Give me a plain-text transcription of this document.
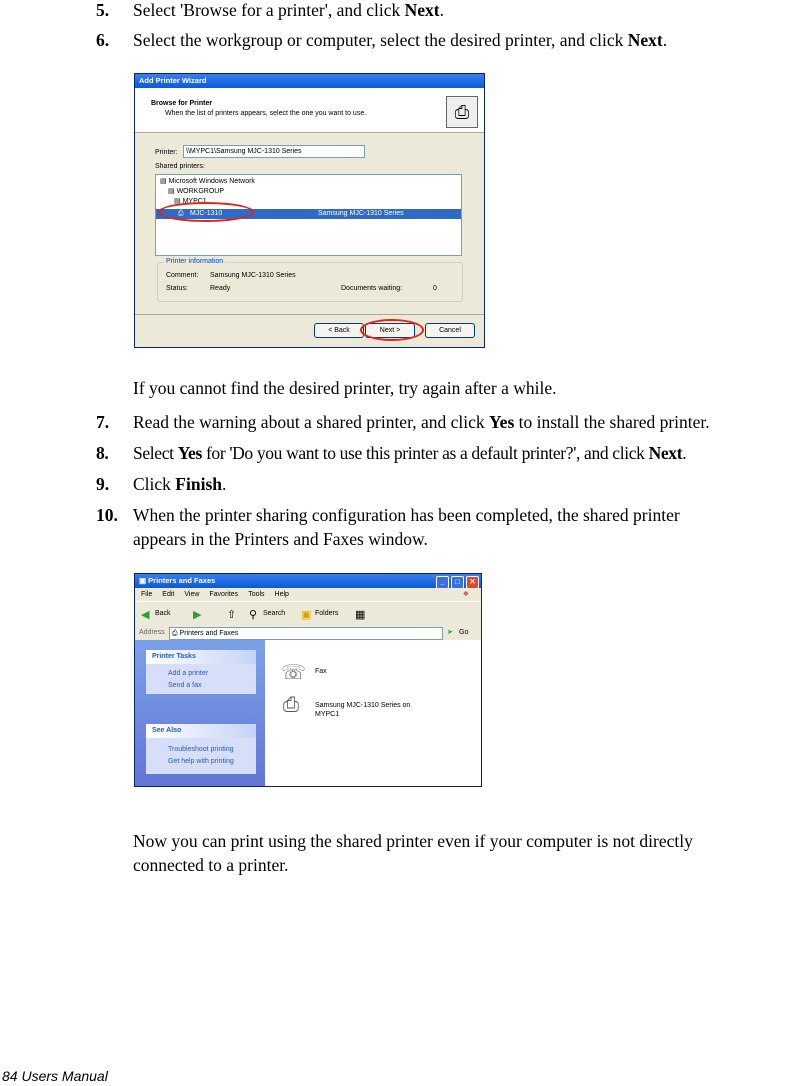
5.	Select 'Browse for a printer', and click Next.
6.	Select the workgroup or computer, select the desired printer, and click Next.
Add Printer Wizard
Browse for Printer
When the list of printers appears, select the one you want to use.	⎙
Printer:	\\MYPC1\Samsung MJC-1310 Series
Shared printers:
▤ Microsoft Windows Network
▤ WORKGROUP
▤ MYPC1
⎙ MJC-1310	Samsung MJC-1310 Series
Printer information
Comment: Samsung MJC-1310 Series
Status:	Ready	Documents waiting:	0
< Back	Next >	Cancel
If you cannot find the desired printer, try again after a while.
7.	Read the warning about a shared printer, and click Yes to install the shared printer.
8.	Select Yes for 'Do you want to use this printer as a default printer?', and click Next.
9.	Click Finish.
10. When the printer sharing configuration has been completed, the shared printer
appears in the Printers and Faxes window.
▣ Printers and Faxes	_ □ ✕
File Edit View Favorites Tools Help	❖
◀ Back ▶ ⇧ ⚲ Search ▣ Folders ▦
Address	⎙ Printers and Faxes	➤ Go
Printer Tasks
Add a printer
Send a fax
See Also
Troubleshoot printing
Get help with printing
☏ Fax
⎙ Samsung MJC-1310 Series on
MYPC1
Now you can print using the shared printer even if your computer is not directly
connected to a printer.
84 Users Manual
